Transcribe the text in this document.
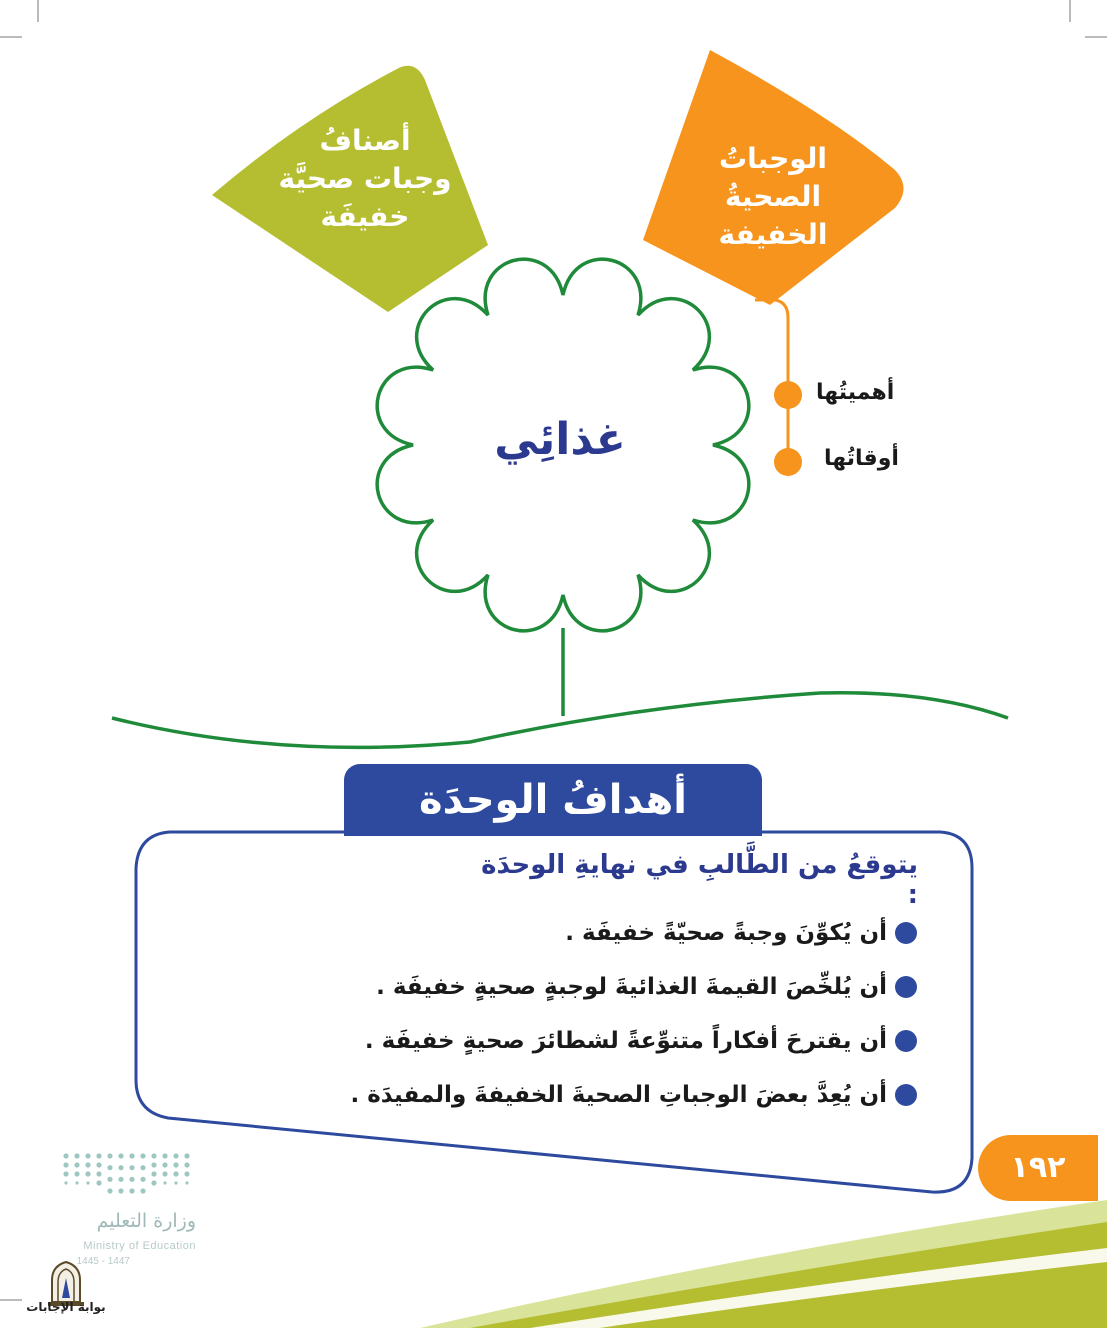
أصنافُ
وجبات صحيَّة
خفيفَة
الوجباتُ الصحيةُ
الخفيفة
غذائِي
أهميتُها
أوقاتُها
أهدافُ الوحدَة
يتوقعُ من الطَّالبِ في نهايةِ الوحدَة :
أن يُكوِّنَ وجبةً صحيّةً خفيفَة .
أن يُلخِّصَ القيمةَ الغذائيةَ لوجبةٍ صحيةٍ خفيفَة .
أن يقترحَ أفكاراً متنوِّعةً لشطائرَ صحيةٍ خفيفَة .
أن يُعِدَّ بعضَ الوجباتِ الصحيةَ الخفيفةَ والمفيدَة .
١٩٢
وزارة التعليم
Ministry of Education
1445 - 1447
بوابة الإجابات
